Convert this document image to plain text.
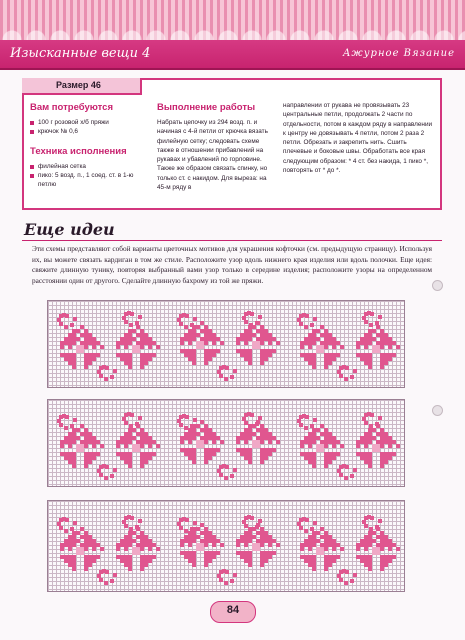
Изысканные вещи 4	Ажурное Вязание
Размер 46
Вам потребуются
100 г розовой х/б пряжи
крючок № 0,6
Техника исполнения
филейная сетка
пико: 5 возд. п., 1 соед. ст. в 1-ю петлю
Выполнение работы

Набрать цепочку из 294 возд. п. и начиная с 4-й петли от крючка вязать филейную сетку; следовать схеме также в отношении прибавлений на рукавах и убавлений по горловине. Также же образом связать спинку, но только ст. с накидом. Для выреза: на 45-м ряду в

направлении от рукава не провязывать 23 центральные петли, продолжать 2 части по отдельности, потом в каждом ряду в направлении к центру не довязывать 4 петли, потом 2 раза 2 петли. Обрезать и закрепить нить. Сшить плечевые и боковые швы. Обработать все края следующим образом: * 4 ст. без накида, 1 пико *, повторять от * до *.

Еще идеи
Эти схемы представляют собой варианты цветочных мотивов для украшения кофточки (см. предыдущую страницу). Используя их, вы можете связать кардиган в том же стиле. Расположите узор вдоль нижнего края изделия или вдоль полочки. Еще идея: свяжите длинную тунику, повторяя выбранный вами узор только в середине изделия; расположите узоры на определенном расстоянии один от другого. Сделайте длинную бахрому из той же пряжи.
84
